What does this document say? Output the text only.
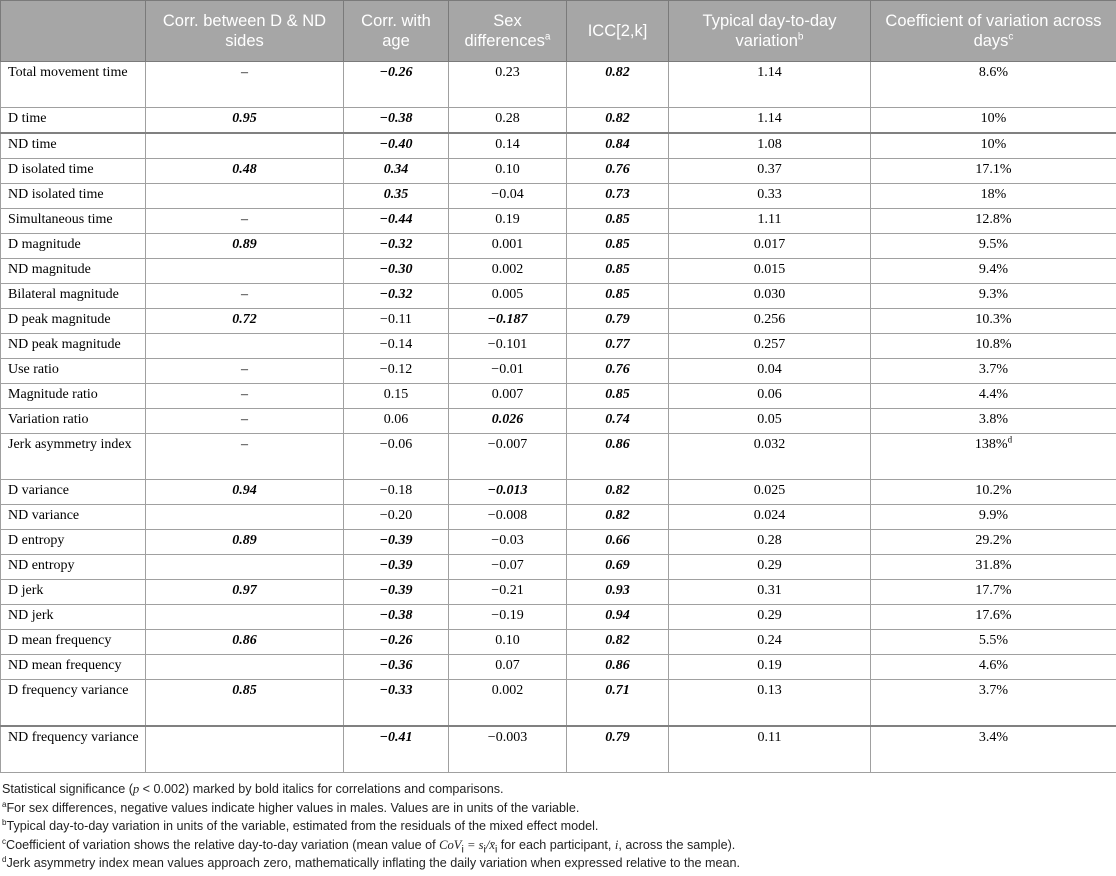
	Corr. between D & ND sides	Corr. with age	Sex differences$^a$	ICC[2,k]	Typical day-to-day variation$^b$	Coefficient of variation across days$^c$
Total movement time	–	−0.26	0.23	0.82	1.14	8.6%
D time	0.95	−0.38	0.28	0.82	1.14	10%
ND time		−0.40	0.14	0.84	1.08	10%
D isolated time	0.48	0.34	0.10	0.76	0.37	17.1%
ND isolated time		0.35	−0.04	0.73	0.33	18%
Simultaneous time	–	−0.44	0.19	0.85	1.11	12.8%
D magnitude	0.89	−0.32	0.001	0.85	0.017	9.5%
ND magnitude		−0.30	0.002	0.85	0.015	9.4%
Bilateral magnitude	–	−0.32	0.005	0.85	0.030	9.3%
D peak magnitude	0.72	−0.11	−0.187	0.79	0.256	10.3%
ND peak magnitude		−0.14	−0.101	0.77	0.257	10.8%
Use ratio	–	−0.12	−0.01	0.76	0.04	3.7%
Magnitude ratio	–	0.15	0.007	0.85	0.06	4.4%
Variation ratio	–	0.06	0.026	0.74	0.05	3.8%
Jerk asymmetry index	–	−0.06	−0.007	0.86	0.032	138%$^d$
D variance	0.94	−0.18	−0.013	0.82	0.025	10.2%
ND variance		−0.20	−0.008	0.82	0.024	9.9%
D entropy	0.89	−0.39	−0.03	0.66	0.28	29.2%
ND entropy		−0.39	−0.07	0.69	0.29	31.8%
D jerk	0.97	−0.39	−0.21	0.93	0.31	17.7%
ND jerk		−0.38	−0.19	0.94	0.29	17.6%
D mean frequency	0.86	−0.26	0.10	0.82	0.24	5.5%
ND mean frequency		−0.36	0.07	0.86	0.19	4.6%
D frequency variance	0.85	−0.33	0.002	0.71	0.13	3.7%
ND frequency variance		−0.41	−0.003	0.79	0.11	3.4%
Statistical significance (p < 0.002) marked by bold italics for correlations and comparisons.
$^a$For sex differences, negative values indicate higher values in males. Values are in units of the variable.
$^b$Typical day-to-day variation in units of the variable, estimated from the residuals of the mixed effect model.
$^c$Coefficient of variation shows the relative day-to-day variation (mean value of $CoV_i = s_i/x̄_i$ for each participant, i, across the sample).
$^d$Jerk asymmetry index mean values approach zero, mathematically inflating the daily variation when expressed relative to the mean.
